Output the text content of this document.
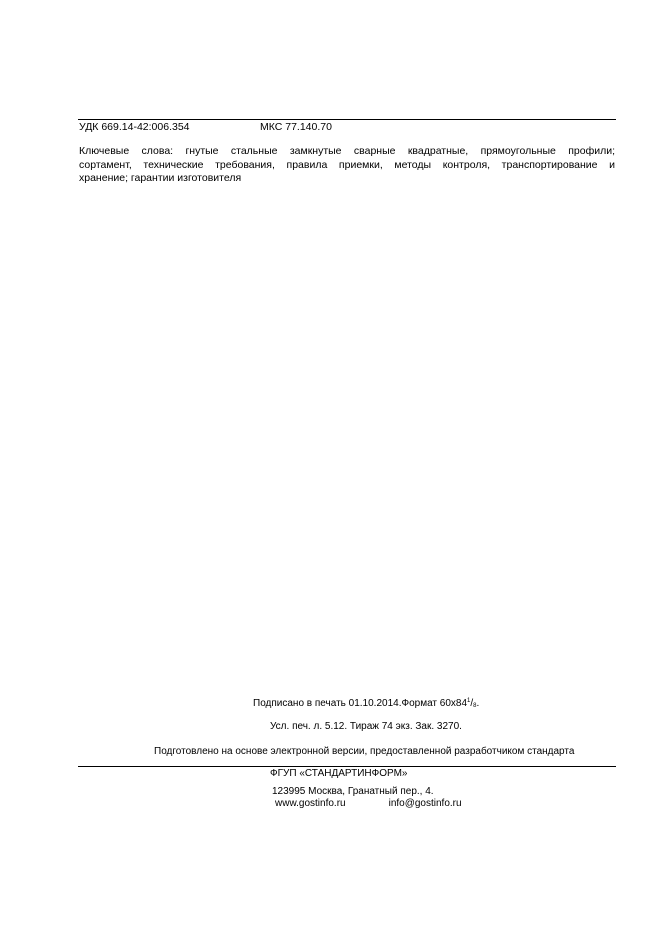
УДК 669.14-42:006.354	МКС 77.140.70
Ключевые слова: гнутые стальные замкнутые сварные квадратные, прямоугольные профили;
сортамент, технические требования, правила приемки, методы контроля, транспортирование и
хранение; гарантии изготовителя
Подписано в печать 01.10.2014.Формат $60x84^1/_8$.
Усл. печ. л. 5.12. Тираж 74 экз. Зак. 3270.
Подготовлено на основе электронной версии, предоставленной разработчиком стандарта
ФГУП «СТАНДАРТИНФОРМ»
123995 Москва, Гранатный пер., 4.
www.gostinfo.ru	info@gostinfo.ru
